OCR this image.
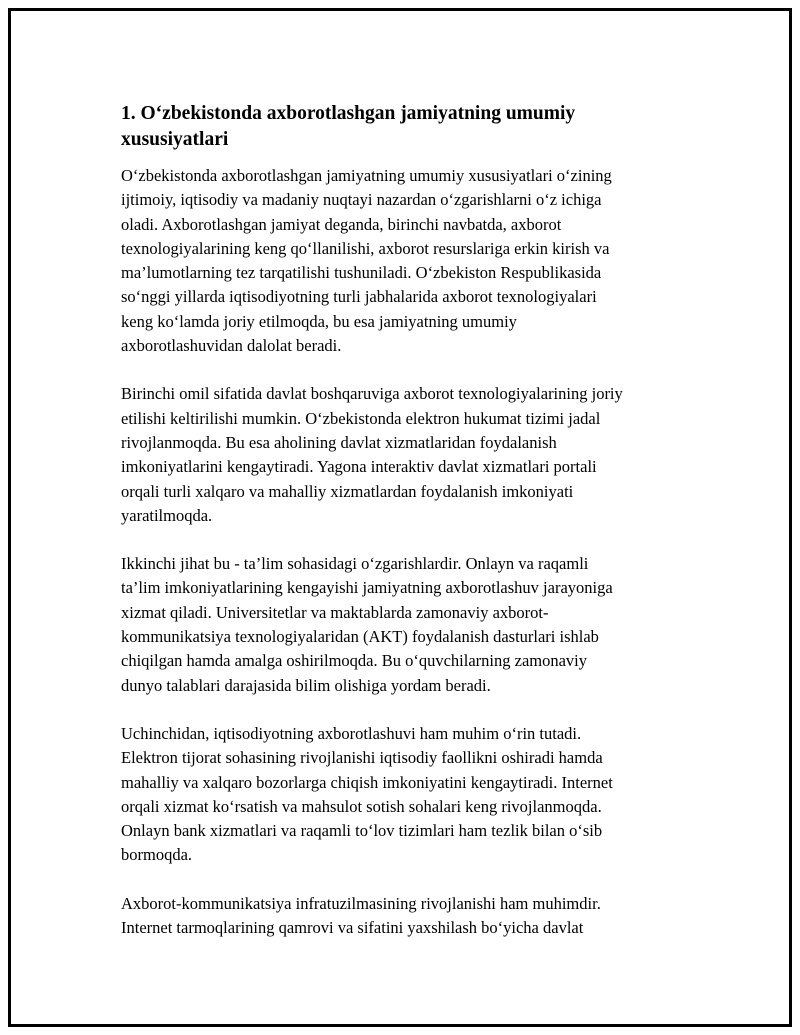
1. O‘zbekistonda axborotlashgan jamiyatning umumiy
xususiyatlari

O‘zbekistonda axborotlashgan jamiyatning umumiy xususiyatlari o‘zining
ijtimoiy, iqtisodiy va madaniy nuqtayi nazardan o‘zgarishlarni o‘z ichiga
oladi. Axborotlashgan jamiyat deganda, birinchi navbatda, axborot
texnologiyalarining keng qo‘llanilishi, axborot resurslariga erkin kirish va
ma’lumotlarning tez tarqatilishi tushuniladi. O‘zbekiston Respublikasida
so‘nggi yillarda iqtisodiyotning turli jabhalarida axborot texnologiyalari
keng ko‘lamda joriy etilmoqda, bu esa jamiyatning umumiy
axborotlashuvidan dalolat beradi.

Birinchi omil sifatida davlat boshqaruviga axborot texnologiyalarining joriy
etilishi keltirilishi mumkin. O‘zbekistonda elektron hukumat tizimi jadal
rivojlanmoqda. Bu esa aholining davlat xizmatlaridan foydalanish
imkoniyatlarini kengaytiradi. Yagona interaktiv davlat xizmatlari portali
orqali turli xalqaro va mahalliy xizmatlardan foydalanish imkoniyati
yaratilmoqda.

Ikkinchi jihat bu - ta’lim sohasidagi o‘zgarishlardir. Onlayn va raqamli
ta’lim imkoniyatlarining kengayishi jamiyatning axborotlashuv jarayoniga
xizmat qiladi. Universitetlar va maktablarda zamonaviy axborot-
kommunikatsiya texnologiyalaridan (AKT) foydalanish dasturlari ishlab
chiqilgan hamda amalga oshirilmoqda. Bu o‘quvchilarning zamonaviy
dunyo talablari darajasida bilim olishiga yordam beradi.

Uchinchidan, iqtisodiyotning axborotlashuvi ham muhim o‘rin tutadi.
Elektron tijorat sohasining rivojlanishi iqtisodiy faollikni oshiradi hamda
mahalliy va xalqaro bozorlarga chiqish imkoniyatini kengaytiradi. Internet
orqali xizmat ko‘rsatish va mahsulot sotish sohalari keng rivojlanmoqda.
Onlayn bank xizmatlari va raqamli to‘lov tizimlari ham tezlik bilan o‘sib
bormoqda.

Axborot-kommunikatsiya infratuzilmasining rivojlanishi ham muhimdir.
Internet tarmoqlarining qamrovi va sifatini yaxshilash bo‘yicha davlat
